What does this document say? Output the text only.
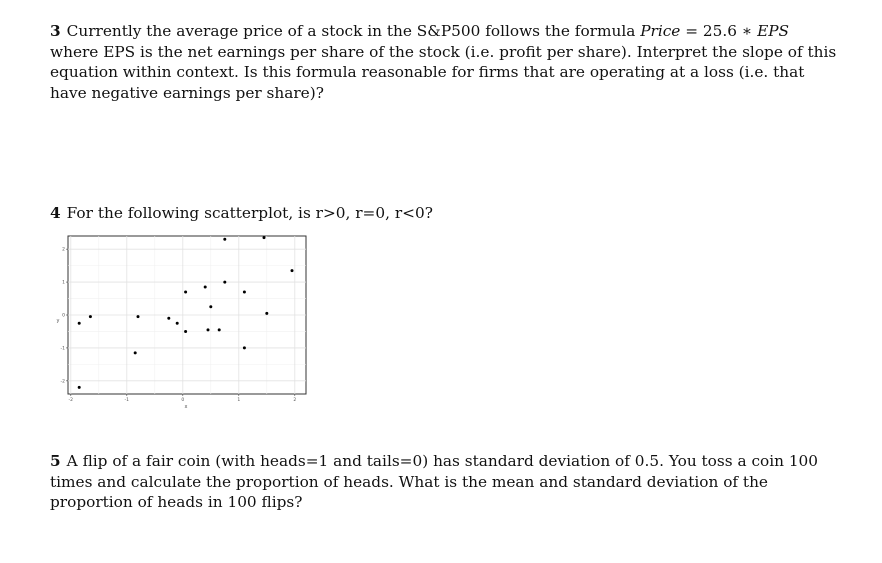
3 Currently the average price of a stock in the S&P500 follows the formula Price = 25.6 ∗ EPS where EPS is the net earnings per share of the stock (i.e. profit per share). Interpret the slope of this equation within context. Is this formula reasonable for firms that are operating at a loss (i.e. that have negative earnings per share)?
4 For the following scatterplot, is r>0, r=0, r<0?
-2	-1	0	1	2
-2
-1
0
1
2
x
y
5 A flip of a fair coin (with heads=1 and tails=0) has standard deviation of 0.5. You toss a coin 100 times and calculate the proportion of heads. What is the mean and standard deviation of the proportion of heads in 100 flips?
